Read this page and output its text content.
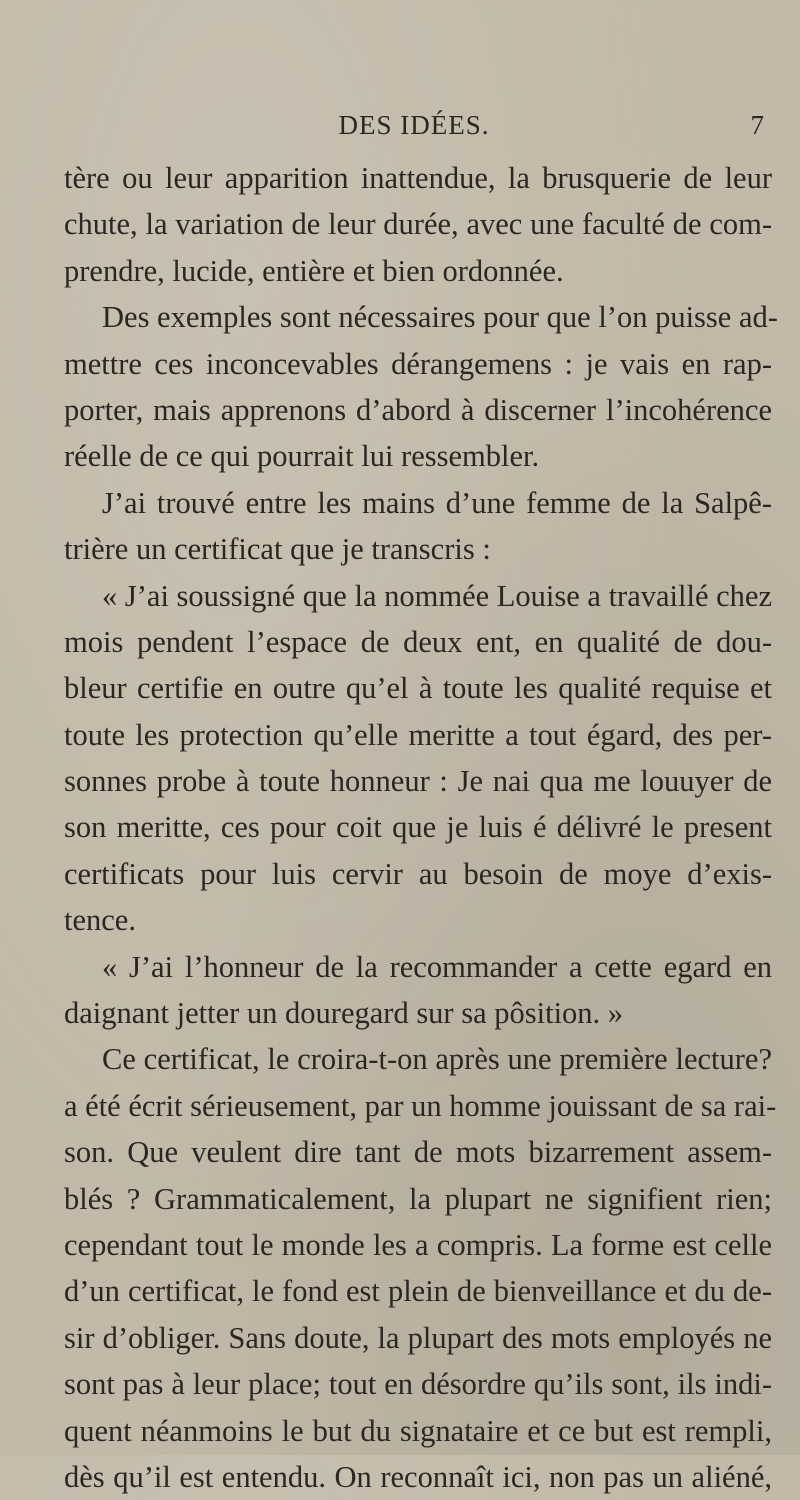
DES IDÉES.	7
tère ou leur apparition inattendue, la brusquerie de leur
chute, la variation de leur durée, avec une faculté de com-
prendre, lucide, entière et bien ordonnée.
Des exemples sont nécessaires pour que l’on puisse ad-
mettre ces inconcevables dérangemens : je vais en rap-
porter, mais apprenons d’abord à discerner l’incohérence
réelle de ce qui pourrait lui ressembler.
J’ai trouvé entre les mains d’une femme de la Salpê-
trière un certificat que je transcris :
« J’ai soussigné que la nommée Louise a travaillé chez
mois pendent l’espace de deux ent, en qualité de dou-
bleur certifie en outre qu’el à toute les qualité requise et
toute les protection qu’elle meritte a tout égard, des per-
sonnes probe à toute honneur : Je nai qua me louuyer de
son meritte, ces pour coit que je luis é délivré le present
certificats pour luis cervir au besoin de moye d’exis-
tence.
« J’ai l’honneur de la recommander a cette egard en
daignant jetter un douregard sur sa pôsition. »
Ce certificat, le croira-t-on après une première lecture?
a été écrit sérieusement, par un homme jouissant de sa rai-
son. Que veulent dire tant de mots bizarrement assem-
blés ? Grammaticalement, la plupart ne signifient rien;
cependant tout le monde les a compris. La forme est celle
d’un certificat, le fond est plein de bienveillance et du de-
sir d’obliger. Sans doute, la plupart des mots employés ne
sont pas à leur place; tout en désordre qu’ils sont, ils indi-
quent néanmoins le but du signataire et ce but est rempli,
dès qu’il est entendu. On reconnaît ici, non pas un aliéné,
